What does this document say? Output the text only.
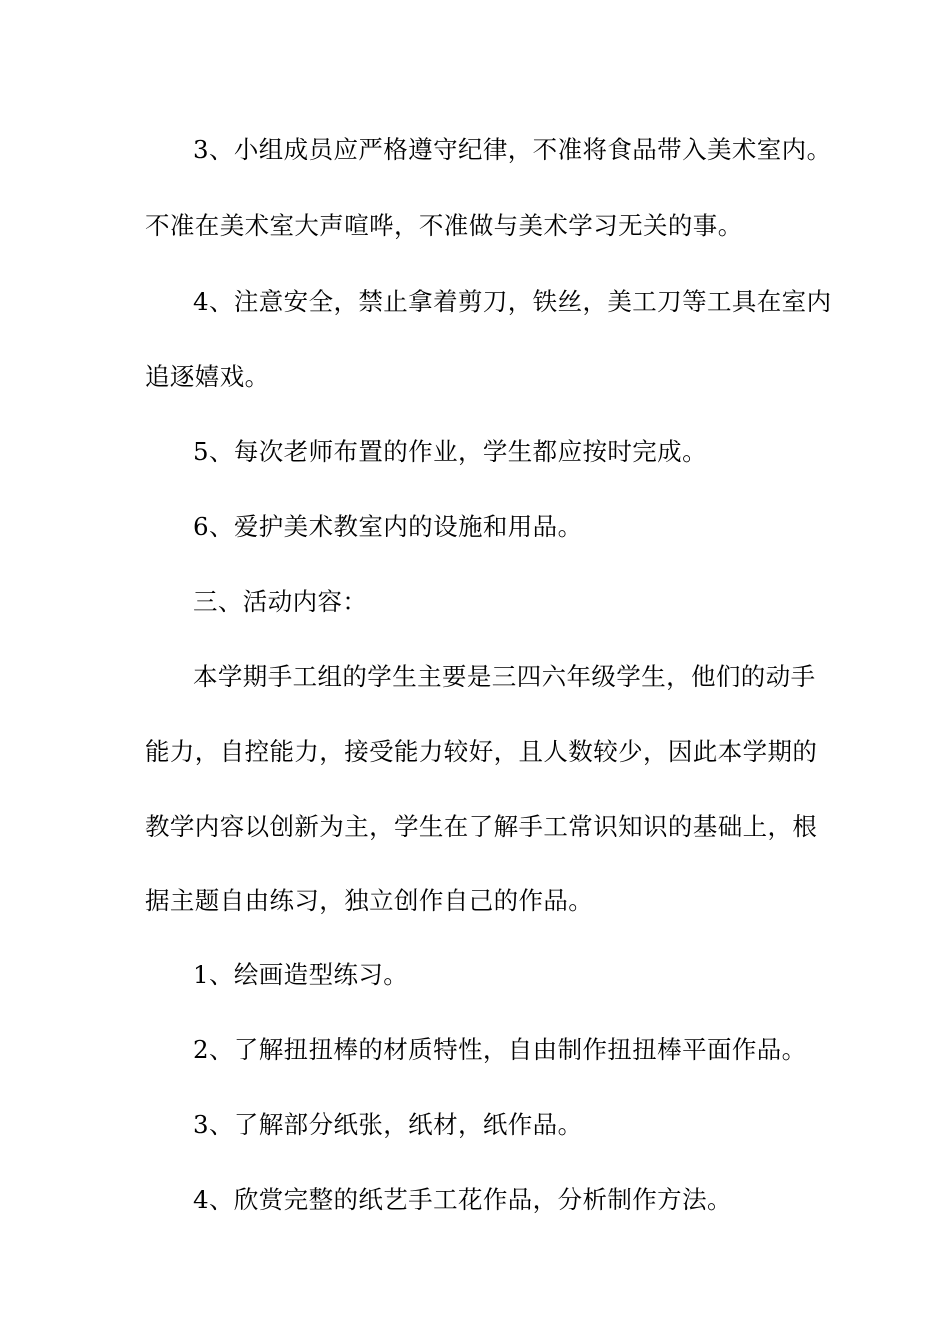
3、小组成员应严格遵守纪律，不准将食品带入美术室内。
不准在美术室大声喧哗，不准做与美术学习无关的事。
4、注意安全，禁止拿着剪刀，铁丝，美工刀等工具在室内
追逐嬉戏。
5、每次老师布置的作业，学生都应按时完成。
6、爱护美术教室内的设施和用品。
三、活动内容：
本学期手工组的学生主要是三四六年级学生，他们的动手
能力，自控能力，接受能力较好，且人数较少，因此本学期的
教学内容以创新为主，学生在了解手工常识知识的基础上，根
据主题自由练习，独立创作自己的作品。
1、绘画造型练习。
2、了解扭扭棒的材质特性，自由制作扭扭棒平面作品。
3、了解部分纸张，纸材，纸作品。
4、欣赏完整的纸艺手工花作品，分析制作方法。
